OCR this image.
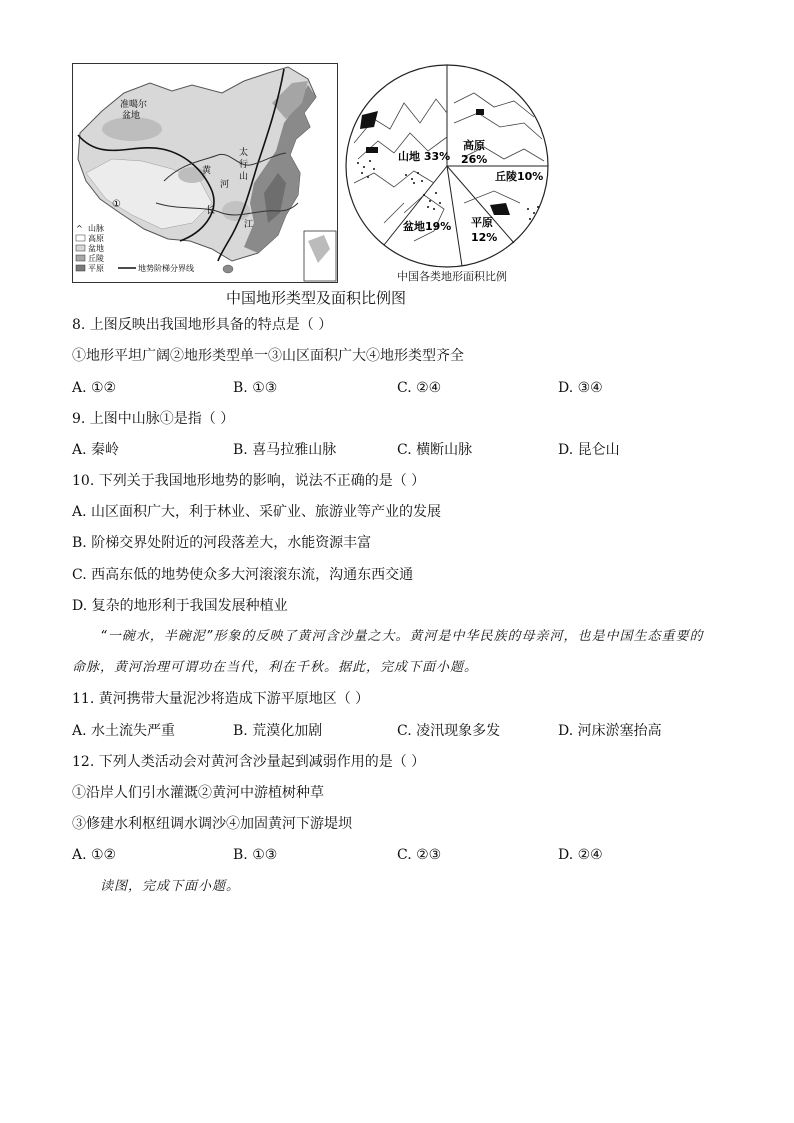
准噶尔
盆地
太
行
山
黄
河
长
江
①
^ 山脉
高原
盆地
丘陵
平原	地势阶梯分界线
山地 33%
高原
26%
丘陵10%
平原
12%
盆地19%
中国各类地形面积比例
中国地形类型及面积比例图
8. 上图反映出我国地形具备的特点是（ ）
①地形平坦广阔②地形类型单一③山区面积广大④地形类型齐全
A. ①②	B. ①③	C. ②④	D. ③④
9. 上图中山脉①是指（ ）
A. 秦岭	B. 喜马拉雅山脉	C. 横断山脉	D. 昆仑山
10. 下列关于我国地形地势的影响，说法不正确的是（ ）
A. 山区面积广大，利于林业、采矿业、旅游业等产业的发展
B. 阶梯交界处附近的河段落差大，水能资源丰富
C. 西高东低的地势使众多大河滚滚东流，沟通东西交通
D. 复杂的地形利于我国发展种植业
“一碗水，半碗泥”形象的反映了黄河含沙量之大。黄河是中华民族的母亲河，也是中国生态重要的
命脉，黄河治理可谓功在当代，利在千秋。据此，完成下面小题。
11. 黄河携带大量泥沙将造成下游平原地区（ ）
A. 水土流失严重	B. 荒漠化加剧	C. 凌汛现象多发	D. 河床淤塞抬高
12. 下列人类活动会对黄河含沙量起到减弱作用的是（ ）
①沿岸人们引水灌溉②黄河中游植树种草
③修建水利枢纽调水调沙④加固黄河下游堤坝
A. ①②	B. ①③	C. ②③	D. ②④
读图，完成下面小题。
